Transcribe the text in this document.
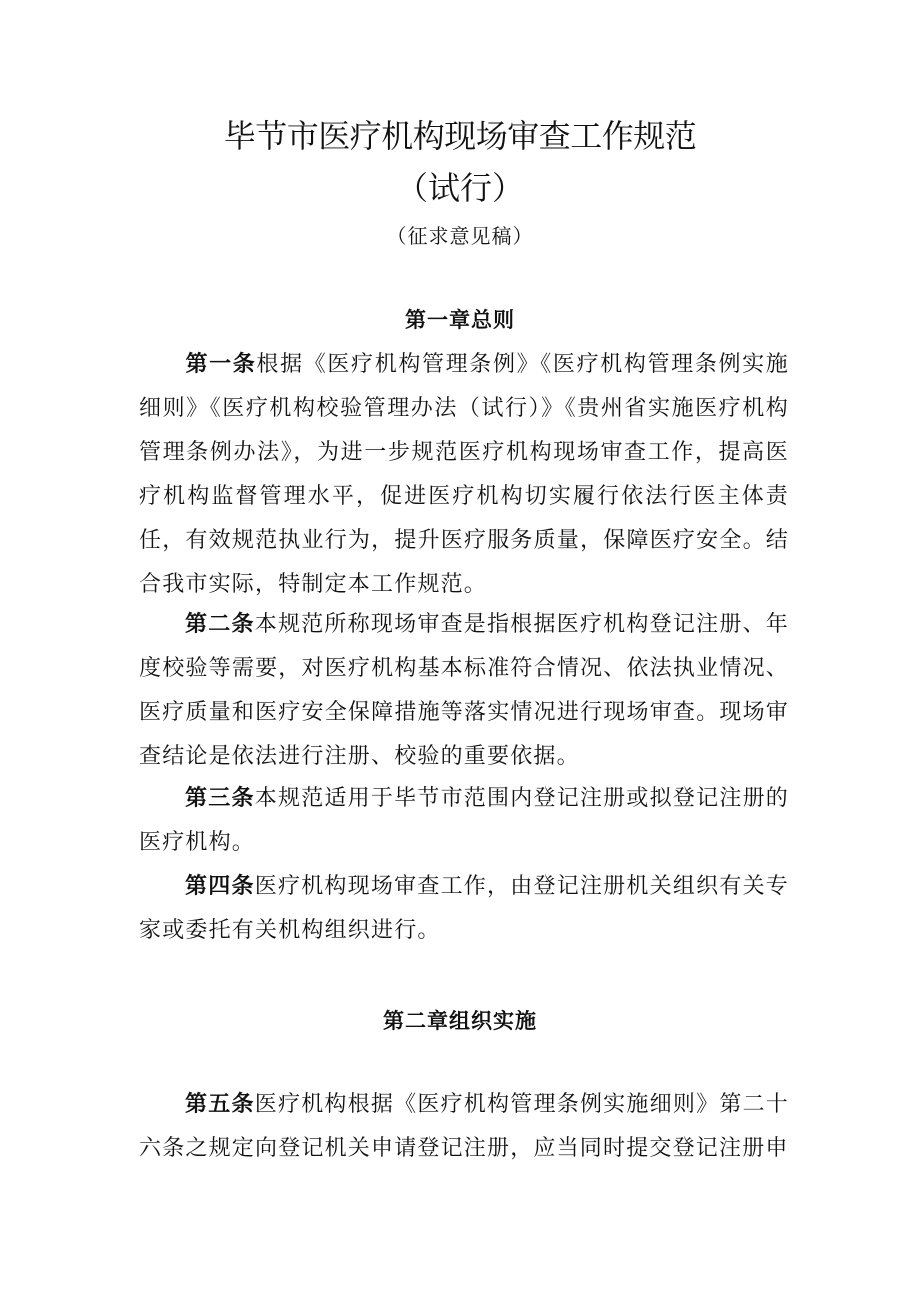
毕节市医疗机构现场审查工作规范
（试行）
（征求意见稿）
第一章总则
第一条根据《医疗机构管理条例》《医疗机构管理条例实施细则》《医疗机构校验管理办法（试行）》《贵州省实施医疗机构管理条例办法》，为进一步规范医疗机构现场审查工作，提高医疗机构监督管理水平，促进医疗机构切实履行依法行医主体责任，有效规范执业行为，提升医疗服务质量，保障医疗安全。结合我市实际，特制定本工作规范。
第二条本规范所称现场审查是指根据医疗机构登记注册、年度校验等需要，对医疗机构基本标准符合情况、依法执业情况、医疗质量和医疗安全保障措施等落实情况进行现场审查。现场审查结论是依法进行注册、校验的重要依据。
第三条本规范适用于毕节市范围内登记注册或拟登记注册的医疗机构。
第四条医疗机构现场审查工作，由登记注册机关组织有关专家或委托有关机构组织进行。
第二章组织实施
第五条医疗机构根据《医疗机构管理条例实施细则》第二十六条之规定向登记机关申请登记注册，应当同时提交登记注册申
